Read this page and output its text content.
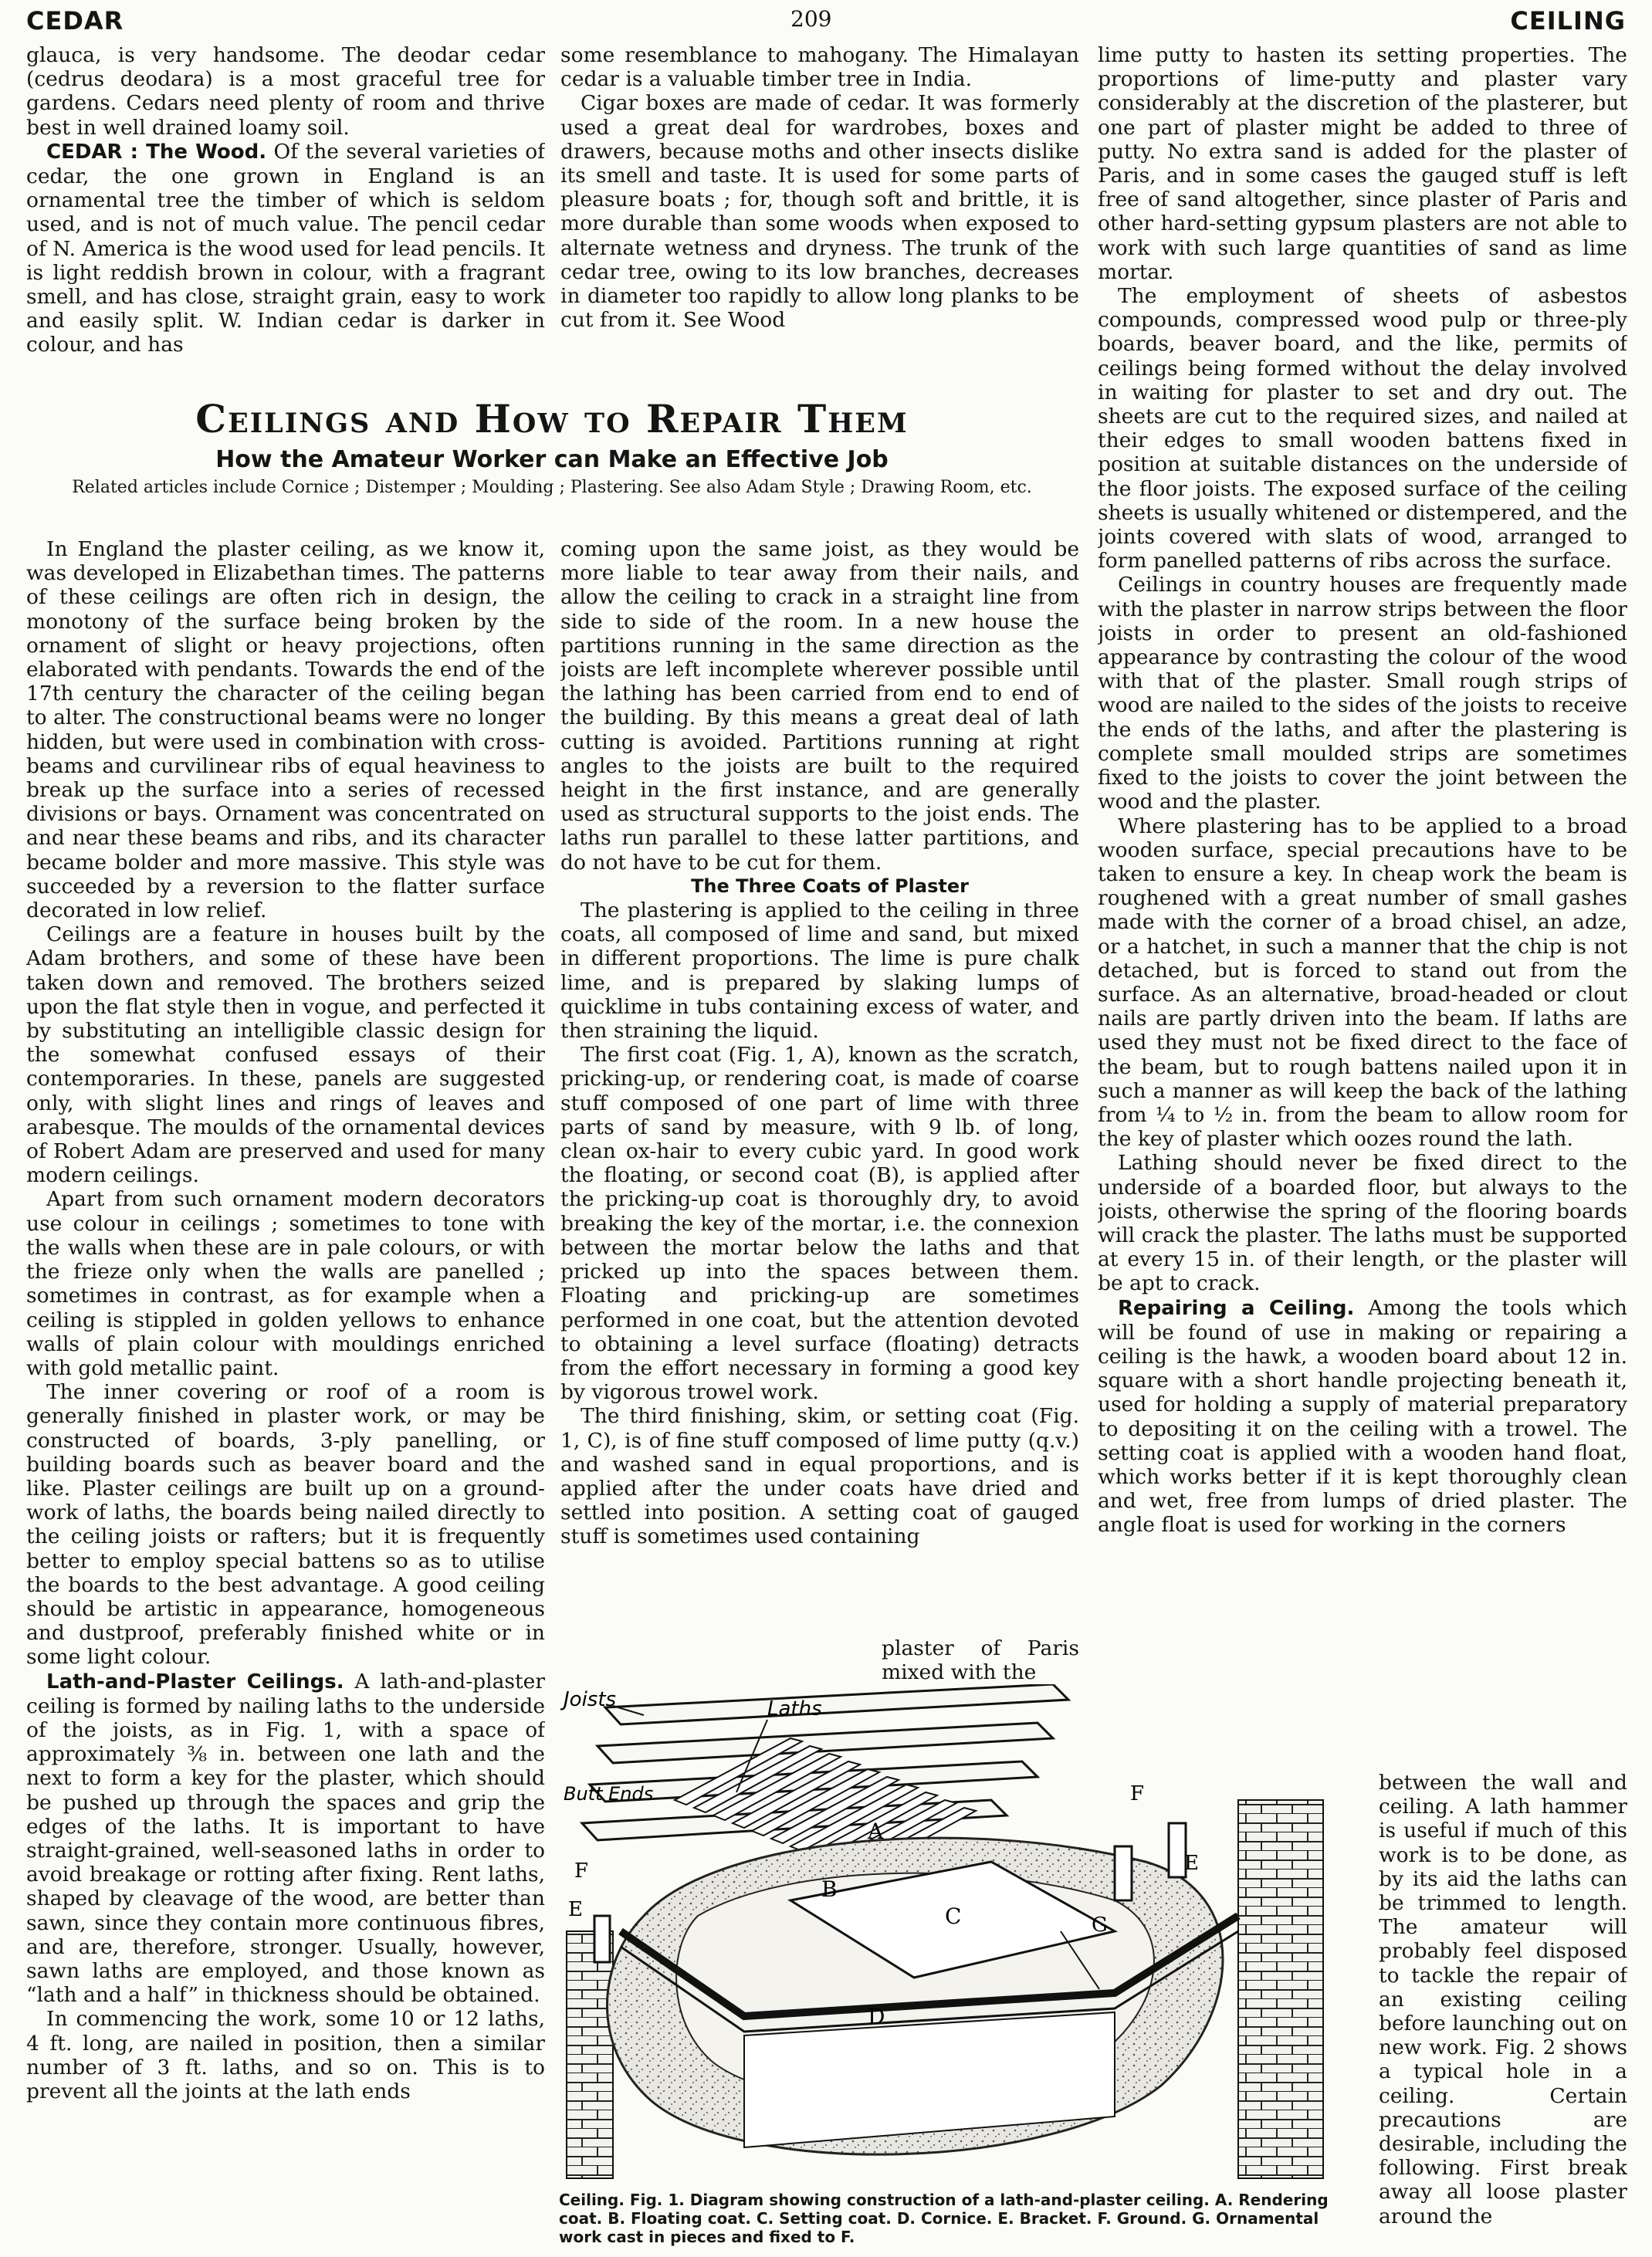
CEDAR	209	CEILING

glauca, is very handsome. The deodar cedar (cedrus deodara) is a most graceful tree for gardens. Cedars need plenty of room and thrive best in well drained loamy soil.

CEDAR : The Wood. Of the several varieties of cedar, the one grown in England is an ornamental tree the timber of which is seldom used, and is not of much value. The pencil cedar of N. America is the wood used for lead pencils. It is light reddish brown in colour, with a fragrant smell, and has close, straight grain, easy to work and easily split. W. Indian cedar is darker in colour, and has

some resemblance to mahogany. The Himalayan cedar is a valuable timber tree in India.

Cigar boxes are made of cedar. It was formerly used a great deal for wardrobes, boxes and drawers, because moths and other insects dislike its smell and taste. It is used for some parts of pleasure boats ; for, though soft and brittle, it is more durable than some woods when exposed to alternate wetness and dryness. The trunk of the cedar tree, owing to its low branches, decreases in diameter too rapidly to allow long planks to be cut from it. See Wood

Ceilings and How to Repair Them
How the Amateur Worker can Make an Effective Job
Related articles include Cornice ; Distemper ; Moulding ; Plastering. See also Adam Style ; Drawing Room, etc.

In England the plaster ceiling, as we know it, was developed in Elizabethan times. The patterns of these ceilings are often rich in design, the monotony of the surface being broken by the ornament of slight or heavy projections, often elaborated with pendants. Towards the end of the 17th century the character of the ceiling began to alter. The constructional beams were no longer hidden, but were used in combination with cross-beams and curvilinear ribs of equal heaviness to break up the surface into a series of recessed divisions or bays. Ornament was concentrated on and near these beams and ribs, and its character became bolder and more massive. This style was succeeded by a reversion to the flatter surface decorated in low relief.

Ceilings are a feature in houses built by the Adam brothers, and some of these have been taken down and removed. The brothers seized upon the flat style then in vogue, and perfected it by substituting an intelligible classic design for the somewhat confused essays of their contemporaries. In these, panels are suggested only, with slight lines and rings of leaves and arabesque. The moulds of the ornamental devices of Robert Adam are preserved and used for many modern ceilings.

Apart from such ornament modern decorators use colour in ceilings ; sometimes to tone with the walls when these are in pale colours, or with the frieze only when the walls are panelled ; sometimes in contrast, as for example when a ceiling is stippled in golden yellows to enhance walls of plain colour with mouldings enriched with gold metallic paint.

The inner covering or roof of a room is generally finished in plaster work, or may be constructed of boards, 3-ply panelling, or building boards such as beaver board and the like. Plaster ceilings are built up on a ground-work of laths, the boards being nailed directly to the ceiling joists or rafters; but it is frequently better to employ special battens so as to utilise the boards to the best advantage. A good ceiling should be artistic in appearance, homogeneous and dustproof, preferably finished white or in some light colour.

Lath-and-Plaster Ceilings. A lath-and-plaster ceiling is formed by nailing laths to the underside of the joists, as in Fig. 1, with a space of approximately ⅜ in. between one lath and the next to form a key for the plaster, which should be pushed up through the spaces and grip the edges of the laths. It is important to have straight-grained, well-seasoned laths in order to avoid breakage or rotting after fixing. Rent laths, shaped by cleavage of the wood, are better than sawn, since they contain more continuous fibres, and are, therefore, stronger. Usually, however, sawn laths are employed, and those known as “lath and a half” in thickness should be obtained.

In commencing the work, some 10 or 12 laths, 4 ft. long, are nailed in position, then a similar number of 3 ft. laths, and so on. This is to prevent all the joints at the lath ends

coming upon the same joist, as they would be more liable to tear away from their nails, and allow the ceiling to crack in a straight line from side to side of the room. In a new house the partitions running in the same direction as the joists are left incomplete wherever possible until the lathing has been carried from end to end of the building. By this means a great deal of lath cutting is avoided. Partitions running at right angles to the joists are built to the required height in the first instance, and are generally used as structural supports to the joist ends. The laths run parallel to these latter partitions, and do not have to be cut for them.

The Three Coats of Plaster

The plastering is applied to the ceiling in three coats, all composed of lime and sand, but mixed in different proportions. The lime is pure chalk lime, and is prepared by slaking lumps of quicklime in tubs containing excess of water, and then straining the liquid.

The first coat (Fig. 1, A), known as the scratch, pricking-up, or rendering coat, is made of coarse stuff composed of one part of lime with three parts of sand by measure, with 9 lb. of long, clean ox-hair to every cubic yard. In good work the floating, or second coat (B), is applied after the pricking-up coat is thoroughly dry, to avoid breaking the key of the mortar, i.e. the connexion between the mortar below the laths and that pricked up into the spaces between them. Floating and pricking-up are sometimes performed in one coat, but the attention devoted to obtaining a level surface (floating) detracts from the effort necessary in forming a good key by vigorous trowel work.

The third finishing, skim, or setting coat (Fig. 1, C), is of fine stuff composed of lime putty (q.v.) and washed sand in equal proportions, and is applied after the under coats have dried and settled into position. A setting coat of gauged stuff is sometimes used containing

plaster of Paris mixed with the

lime putty to hasten its setting properties. The proportions of lime-putty and plaster vary considerably at the discretion of the plasterer, but one part of plaster might be added to three of putty. No extra sand is added for the plaster of Paris, and in some cases the gauged stuff is left free of sand altogether, since plaster of Paris and other hard-setting gypsum plasters are not able to work with such large quantities of sand as lime mortar.

The employment of sheets of asbestos compounds, compressed wood pulp or three-ply boards, beaver board, and the like, permits of ceilings being formed without the delay involved in waiting for plaster to set and dry out. The sheets are cut to the required sizes, and nailed at their edges to small wooden battens fixed in position at suitable distances on the underside of the floor joists. The exposed surface of the ceiling sheets is usually whitened or distempered, and the joints covered with slats of wood, arranged to form panelled patterns of ribs across the surface.

Ceilings in country houses are frequently made with the plaster in narrow strips between the floor joists in order to present an old-fashioned appearance by contrasting the colour of the wood with that of the plaster. Small rough strips of wood are nailed to the sides of the joists to receive the ends of the laths, and after the plastering is complete small moulded strips are sometimes fixed to the joists to cover the joint between the wood and the plaster.

Where plastering has to be applied to a broad wooden surface, special precautions have to be taken to ensure a key. In cheap work the beam is roughened with a great number of small gashes made with the corner of a broad chisel, an adze, or a hatchet, in such a manner that the chip is not detached, but is forced to stand out from the surface. As an alternative, broad-headed or clout nails are partly driven into the beam. If laths are used they must not be fixed direct to the face of the beam, but to rough battens nailed upon it in such a manner as will keep the back of the lathing from ¼ to ½ in. from the beam to allow room for the key of plaster which oozes round the lath.

Lathing should never be fixed direct to the underside of a boarded floor, but always to the joists, otherwise the spring of the flooring boards will crack the plaster. The laths must be supported at every 15 in. of their length, or the plaster will be apt to crack.

Repairing a Ceiling. Among the tools which will be found of use in making or repairing a ceiling is the hawk, a wooden board about 12 in. square with a short handle projecting beneath it, used for holding a supply of material preparatory to depositing it on the ceiling with a trowel. The setting coat is applied with a wooden hand float, which works better if it is kept thoroughly clean and wet, free from lumps of dried plaster. The angle float is used for working in the corners

between the wall and ceiling. A lath hammer is useful if much of this work is to be done, as by its aid the laths can be trimmed to length. The amateur will probably feel disposed to tackle the repair of an existing ceiling before launching out on new work. Fig. 2 shows a typical hole in a ceiling. Certain precautions are desirable, including the following. First break away all loose plaster around the

Joists	Laths
Butt Ends
A
B
C
D
E
F	E
F
G
Ceiling. Fig. 1. Diagram showing construction of a lath-and-plaster ceiling. A. Rendering coat. B. Floating coat. C. Setting coat. D. Cornice. E. Bracket. F. Ground. G. Ornamental work cast in pieces and fixed to F.
